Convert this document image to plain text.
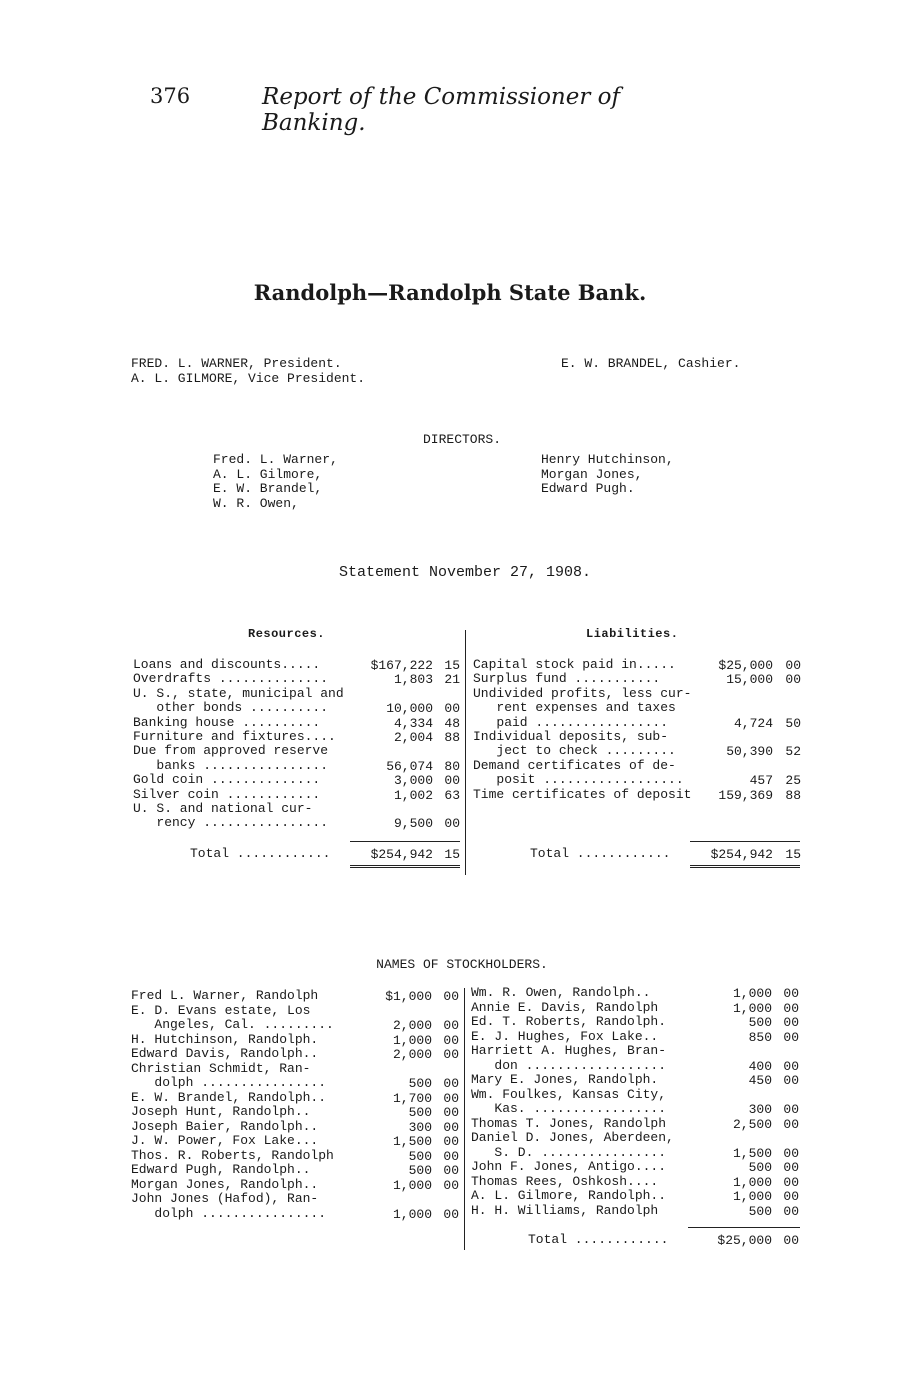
376	Report of the Commissioner of Banking.
Randolph—Randolph State Bank.
FRED. L. WARNER, President.
A. L. GILMORE, Vice President.
E. W. BRANDEL, Cashier.
DIRECTORS.
Fred. L. Warner,
A. L. Gilmore,
E. W. Brandel,
W. R. Owen,
Henry Hutchinson,
Morgan Jones,
Edward Pugh.
Statement November 27, 1908.
Resources.	Liabilities.
Loans and discounts.....	$167,222 15
Overdrafts ..............	1,803 21
U. S., state, municipal and
other bonds ..........	10,000 00
Banking house ..........	4,334 48
Furniture and fixtures....	2,004 88
Due from approved reserve
banks ................	56,074 80
Gold coin ..............	3,000 00
Silver coin ............	1,002 63
U. S. and national cur-
rency ................	9,500 00
Total ............	$254,942 15
Capital stock paid in.....	$25,000 00
Surplus fund ...........	15,000 00
Undivided profits, less cur-
rent expenses and taxes
paid .................	4,724 50
Individual deposits, sub-
ject to check .........	50,390 52
Demand certificates of de-
posit ..................	457 25
Time certificates of deposit	159,369 88
Total ............	$254,942 15
NAMES OF STOCKHOLDERS.
Fred L. Warner, Randolph	$1,000 00
E. D. Evans estate, Los
Angeles, Cal. .........	2,000 00
H. Hutchinson, Randolph.	1,000 00
Edward Davis, Randolph..	2,000 00
Christian Schmidt, Ran-
dolph ................	500 00
E. W. Brandel, Randolph..	1,700 00
Joseph Hunt, Randolph..	500 00
Joseph Baier, Randolph..	300 00
J. W. Power, Fox Lake...	1,500 00
Thos. R. Roberts, Randolph	500 00
Edward Pugh, Randolph..	500 00
Morgan Jones, Randolph..	1,000 00
John Jones (Hafod), Ran-
dolph ................	1,000 00
Wm. R. Owen, Randolph..	1,000 00
Annie E. Davis, Randolph	1,000 00
Ed. T. Roberts, Randolph.	500 00
E. J. Hughes, Fox Lake..	850 00
Harriett A. Hughes, Bran-
don ..................	400 00
Mary E. Jones, Randolph.	450 00
Wm. Foulkes, Kansas City,
Kas. .................	300 00
Thomas T. Jones, Randolph	2,500 00
Daniel D. Jones, Aberdeen,
S. D. ................	1,500 00
John F. Jones, Antigo....	500 00
Thomas Rees, Oshkosh....	1,000 00
A. L. Gilmore, Randolph..	1,000 00
H. H. Williams, Randolph	500 00
Total ............	$25,000 00
